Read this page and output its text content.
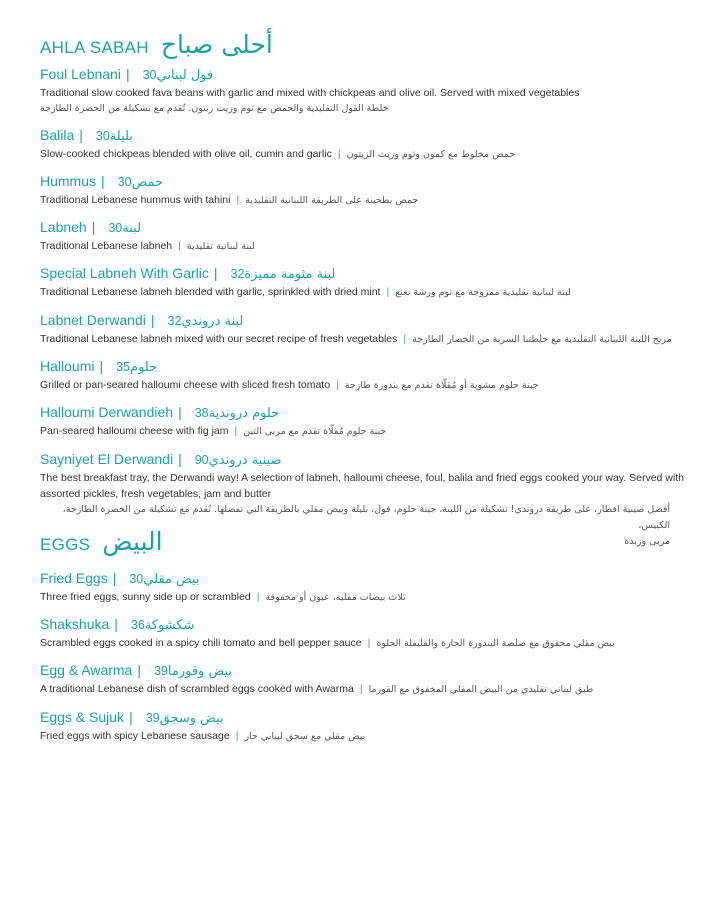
AHLA SABAH أحلى صباح
Foul Lebnani | فول لبناني30
Traditional slow cooked fava beans with garlic and mixed with chickpeas and olive oil. Served with mixed vegetables
خلطة الفول التقليدية والحمص مع ثوم وزيت زيتون. تُقدم مع تشكيلة من الخضرة الطازجة
Balila | بليلة30
Slow-cooked chickpeas blended with olive oil, cumin and garlic | حمص مخلوط مع كمون وثوم وزيت الزيتون
Hummus | حمص30
Traditional Lebanese hummus with tahini | حمص بطحينة على الطريقة اللبنانية التقليدية
Labneh | لبنة30
Traditional Lebanese labneh | لبنة لبنانية تقليدية
Special Labneh With Garlic | لبنة مثومة مميزة32
Traditional Lebanese labneh blended with garlic, sprinkled with dried mint | لبنة لبنانية تقليدية ممزوجة مع ثوم ورشة نعنع
Labnet Derwandi | لبنة دروندي32
Traditional Lebanese labneh mixed with our secret recipe of fresh vegetables | مزيج اللبنة اللبنانية التقليدية مع خلطتنا السرية من الخضار الطازجة
Halloumi | حلوم35
Grilled or pan-seared halloumi cheese with sliced fresh tomato | جبنة حلوم مشوية أو مُقلّاة تقدم مع بندورة طازجة
Halloumi Derwandieh | حلوم دروندية38
Pan-seared halloumi cheese with fig jam | جبنة حلوم مُقلّاة تقدم مع مربى التين
Sayniyet El Derwandi | صينية دروندي90
The best breakfast tray, the Derwandi way! A selection of labneh, halloumi cheese, foul, balila and fried eggs cooked your way. Served with
assorted pickles, fresh vegetables, jam and butter
أفضل صينية افطار، على طريقة دروندي! تشكيلة من اللبنة، جبنة حلوم، فول، بليلة وبيض مقلي بالطريقة التي تفضلها. تُقدم مع تشكيلة من الخضرة الطازجة، الكبيس،
مربى وزبدة
EGGS البيض
Fried Eggs | بيض مقلي30
Three fried eggs, sunny side up or scrambled | ثلاث بيضات مقلية، عيون أو مخفوقة
Shakshuka | شكشوكة36
Scrambled eggs cooked in a spicy chili tomato and bell pepper sauce | بيض مقلي مخفوق مع صلصة البندورة الحارة والفليفلة الحلوة
Egg & Awarma | بيض وقورما39
A traditional Lebanese dish of scrambled eggs cooked with Awarma | طبق لبناني تقليدي من البيض المقلي المخفوق مع القورما
Eggs & Sujuk | بيض وسجق39
Fried eggs with spicy Lebanese sausage | بيض مقلي مع سجق لبناني حار
